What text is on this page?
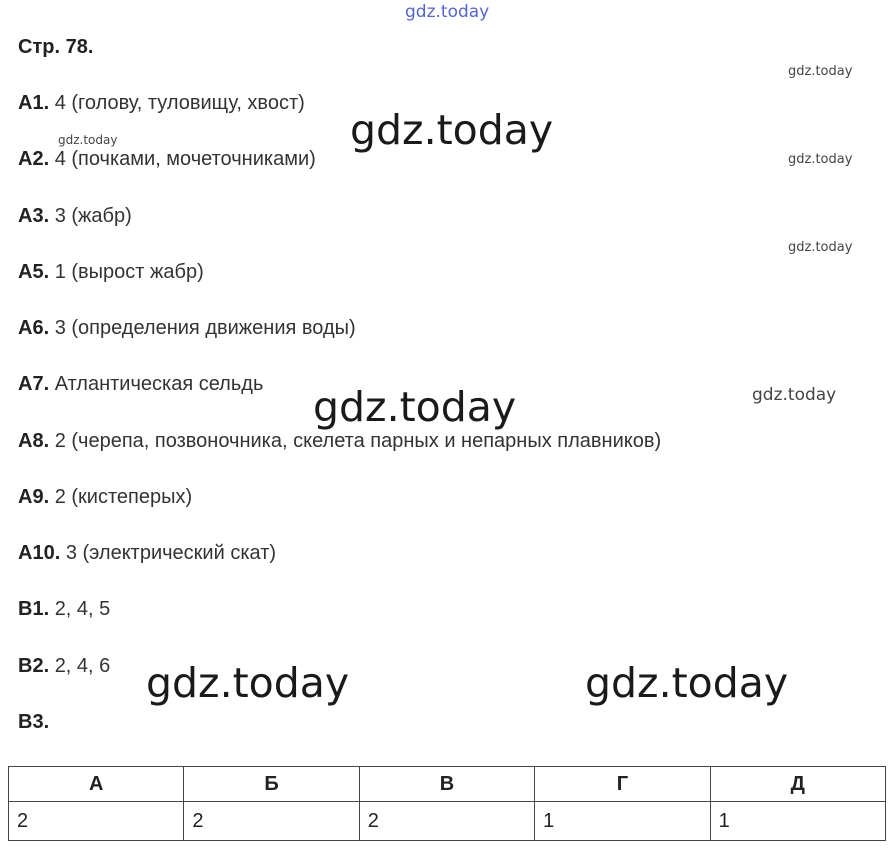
Стр. 78.
А1. 4 (голову, туловищу, хвост)
А2. 4 (почками, мочеточниками)
А3. 3 (жабр)
А5. 1 (вырост жабр)
А6. 3 (определения движения воды)
А7. Атлантическая сельдь
А8. 2 (черепа, позвоночника, скелета парных и непарных плавников)
А9. 2 (кистеперых)
А10. 3 (электрический скат)
В1. 2, 4, 5
В2. 2, 4, 6
В3.
А	Б	В	Г	Д
2	2	2	1	1
gdz.today
gdz.today
gdz.today
gdz.today
gdz.today
gdz.today
gdz.today
gdz.today
gdz.today	gdz.today
